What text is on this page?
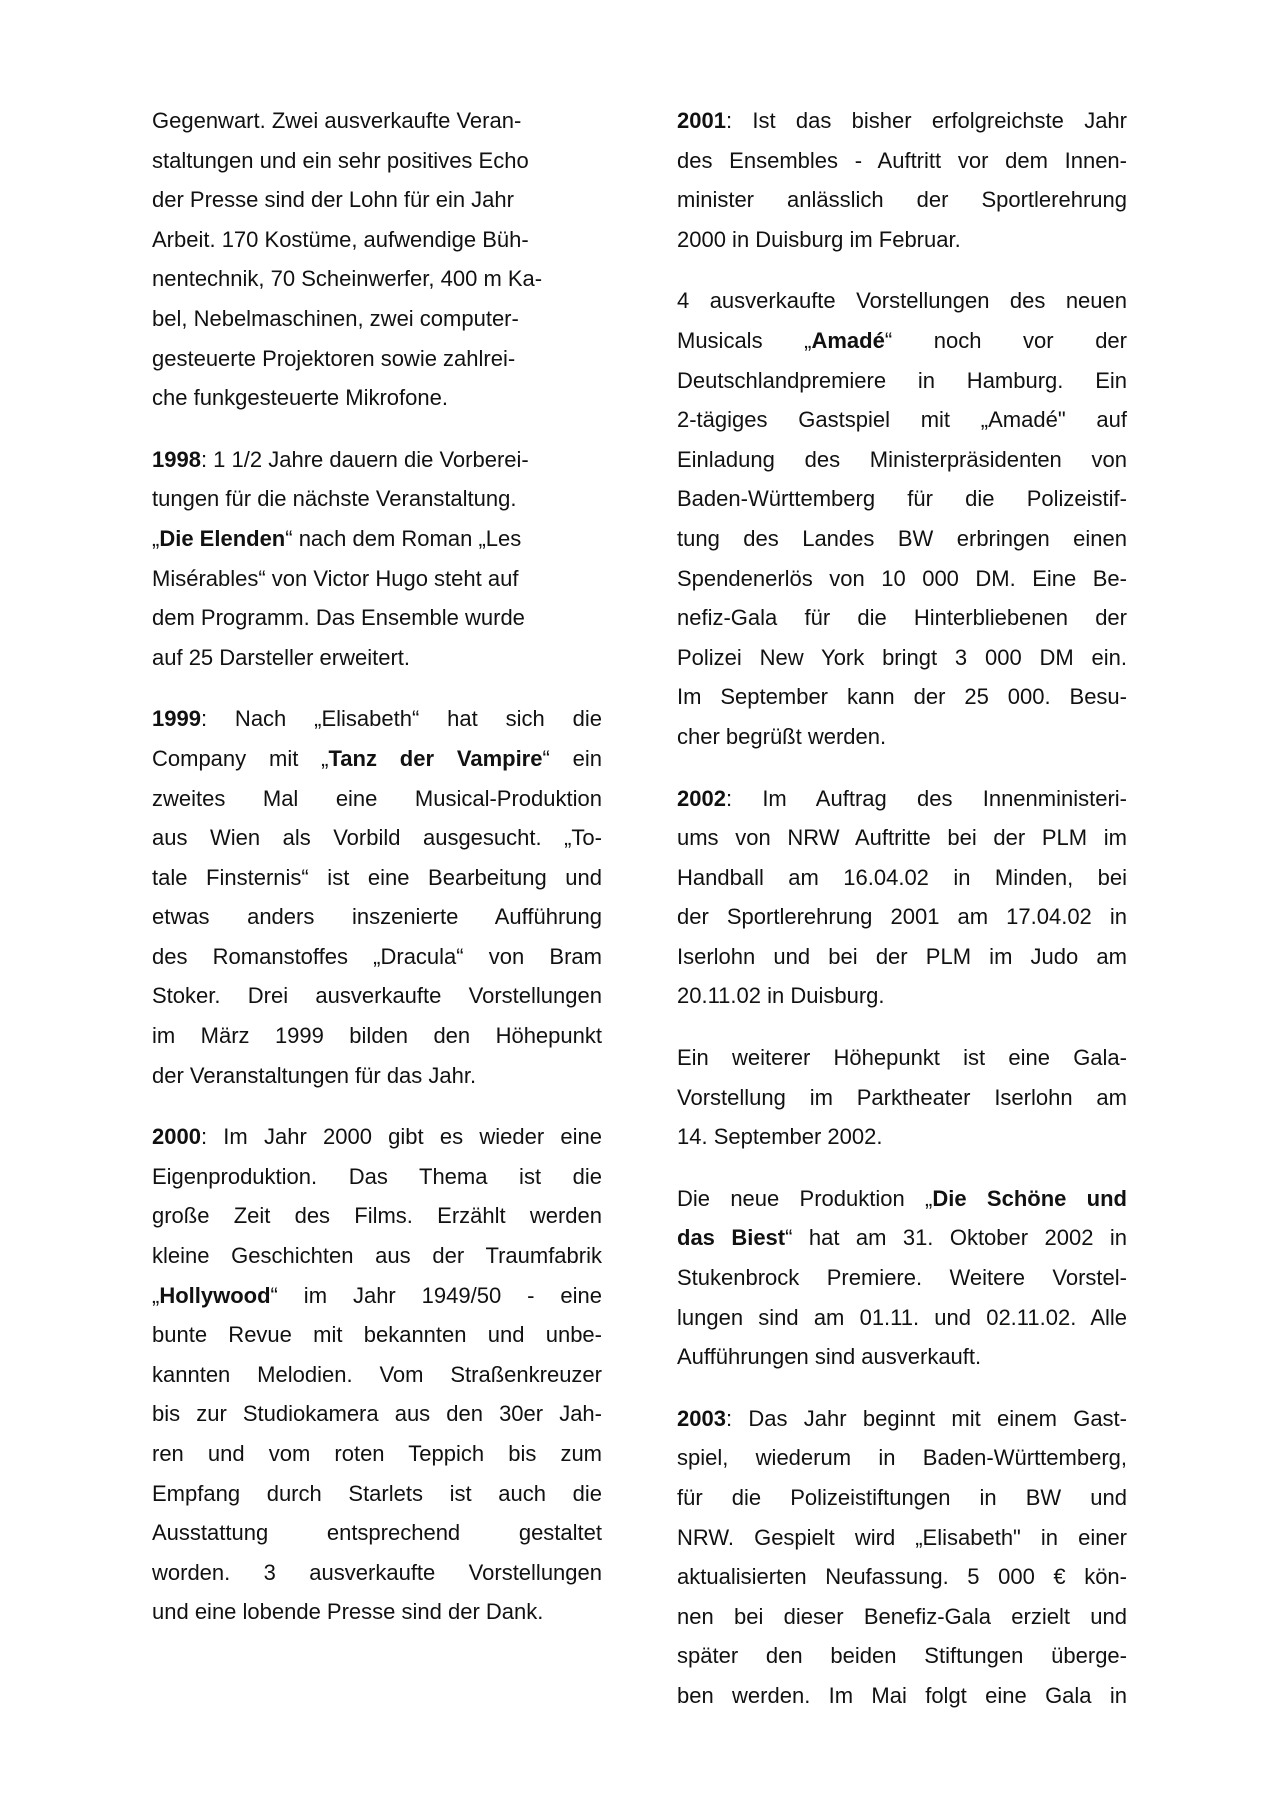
Gegenwart. Zwei ausverkaufte Veran-
staltungen und ein sehr positives Echo
der Presse sind der Lohn für ein Jahr
Arbeit. 170 Kostüme, aufwendige Büh-
nentechnik, 70 Scheinwerfer, 400 m Ka-
bel, Nebelmaschinen, zwei computer-
gesteuerte Projektoren sowie zahlrei-
che funkgesteuerte Mikrofone.
1998: 1 1/2 Jahre dauern die Vorberei-
tungen für die nächste Veranstaltung.
„Die Elenden“ nach dem Roman „Les
Misérables“ von Victor Hugo steht auf
dem Programm. Das Ensemble wurde
auf 25 Darsteller erweitert.
1999: Nach „Elisabeth“ hat sich die
Company mit „Tanz der Vampire“ ein
zweites Mal eine Musical-Produktion
aus Wien als Vorbild ausgesucht. „To-
tale Finsternis“ ist eine Bearbeitung und
etwas anders inszenierte Aufführung
des Romanstoffes „Dracula“ von Bram
Stoker. Drei ausverkaufte Vorstellungen
im März 1999 bilden den Höhepunkt
der Veranstaltungen für das Jahr.
2000: Im Jahr 2000 gibt es wieder eine
Eigenproduktion. Das Thema ist die
große Zeit des Films. Erzählt werden
kleine Geschichten aus der Traumfabrik
„Hollywood“ im Jahr 1949/50 - eine
bunte Revue mit bekannten und unbe-
kannten Melodien. Vom Straßenkreuzer
bis zur Studiokamera aus den 30er Jah-
ren und vom roten Teppich bis zum
Empfang durch Starlets ist auch die
Ausstattung entsprechend gestaltet
worden. 3 ausverkaufte Vorstellungen
und eine lobende Presse sind der Dank.
2001: Ist das bisher erfolgreichste Jahr
des Ensembles - Auftritt vor dem Innen-
minister anlässlich der Sportlerehrung
2000 in Duisburg im Februar.
4 ausverkaufte Vorstellungen des neuen
Musicals „Amadé“ noch vor der
Deutschlandpremiere in Hamburg. Ein
2-tägiges Gastspiel mit „Amadé" auf
Einladung des Ministerpräsidenten von
Baden-Württemberg für die Polizeistif-
tung des Landes BW erbringen einen
Spendenerlös von 10 000 DM. Eine Be-
nefiz-Gala für die Hinterbliebenen der
Polizei New York bringt 3 000 DM ein.
Im September kann der 25 000. Besu-
cher begrüßt werden.
2002: Im Auftrag des Innenministeri-
ums von NRW Auftritte bei der PLM im
Handball am 16.04.02 in Minden, bei
der Sportlerehrung 2001 am 17.04.02 in
Iserlohn und bei der PLM im Judo am
20.11.02 in Duisburg.
Ein weiterer Höhepunkt ist eine Gala-
Vorstellung im Parktheater Iserlohn am
14. September 2002.
Die neue Produktion „Die Schöne und
das Biest“ hat am 31. Oktober 2002 in
Stukenbrock Premiere. Weitere Vorstel-
lungen sind am 01.11. und 02.11.02. Alle
Aufführungen sind ausverkauft.
2003: Das Jahr beginnt mit einem Gast-
spiel, wiederum in Baden-Württemberg,
für die Polizeistiftungen in BW und
NRW. Gespielt wird „Elisabeth" in einer
aktualisierten Neufassung. 5 000 € kön-
nen bei dieser Benefiz-Gala erzielt und
später den beiden Stiftungen überge-
ben werden. Im Mai folgt eine Gala in
